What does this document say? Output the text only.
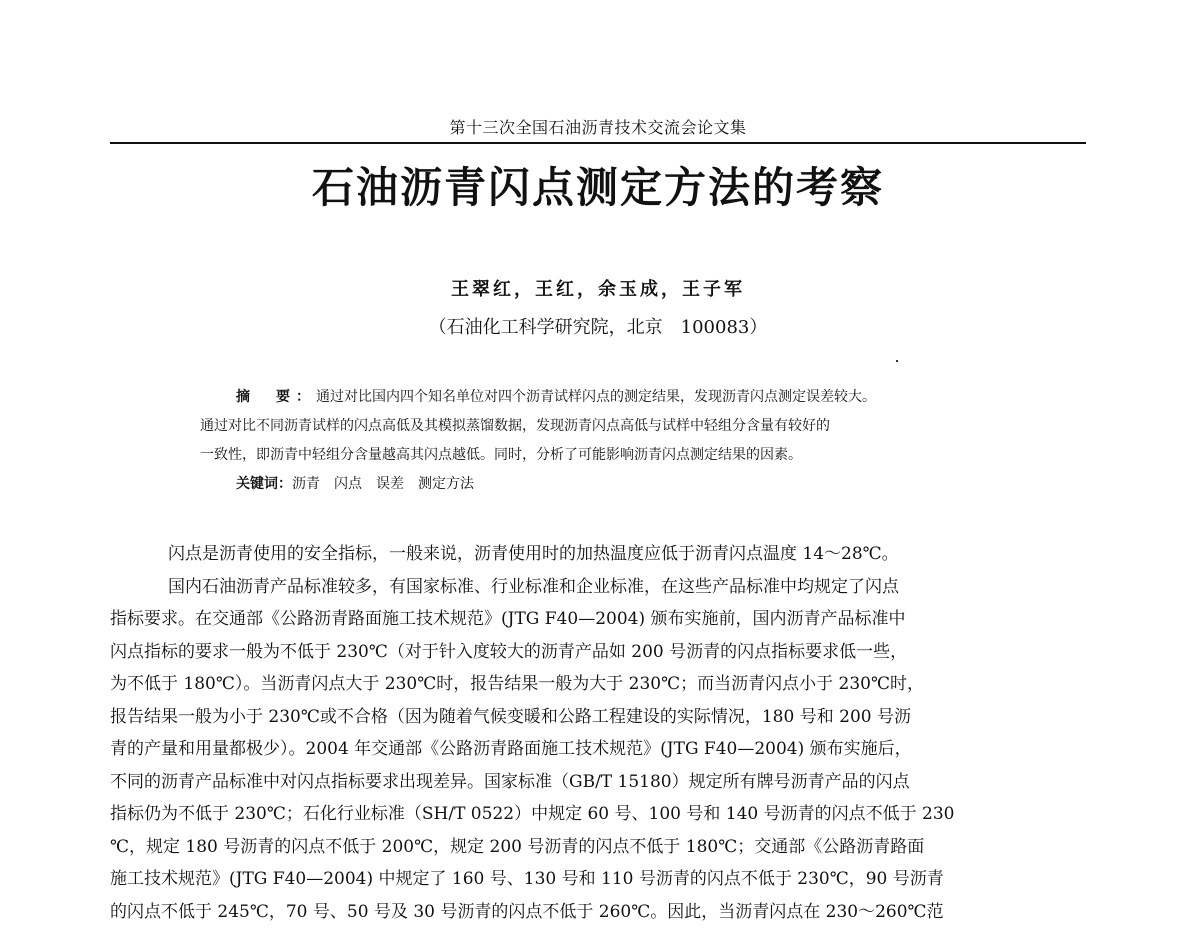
第十三次全国石油沥青技术交流会论文集
石油沥青闪点测定方法的考察
王翠红，王红，余玉成，王子军
（石油化工科学研究院，北京　100083）
摘　要：通过对比国内四个知名单位对四个沥青试样闪点的测定结果，发现沥青闪点测定误差较大。
通过对比不同沥青试样的闪点高低及其模拟蒸馏数据，发现沥青闪点高低与试样中轻组分含量有较好的
一致性，即沥青中轻组分含量越高其闪点越低。同时，分析了可能影响沥青闪点测定结果的因素。
关键词：沥青　闪点　误差　测定方法
闪点是沥青使用的安全指标，一般来说，沥青使用时的加热温度应低于沥青闪点温度 14～28℃。
国内石油沥青产品标准较多，有国家标准、行业标准和企业标准，在这些产品标准中均规定了闪点
指标要求。在交通部《公路沥青路面施工技术规范》(JTG F40—2004) 颁布实施前，国内沥青产品标准中
闪点指标的要求一般为不低于 230℃（对于针入度较大的沥青产品如 200 号沥青的闪点指标要求低一些，
为不低于 180℃）。当沥青闪点大于 230℃时，报告结果一般为大于 230℃；而当沥青闪点小于 230℃时，
报告结果一般为小于 230℃或不合格（因为随着气候变暖和公路工程建设的实际情况，180 号和 200 号沥
青的产量和用量都极少）。2004 年交通部《公路沥青路面施工技术规范》(JTG F40—2004) 颁布实施后，
不同的沥青产品标准中对闪点指标要求出现差异。国家标准（GB/T 15180）规定所有牌号沥青产品的闪点
指标仍为不低于 230℃；石化行业标准（SH/T 0522）中规定 60 号、100 号和 140 号沥青的闪点不低于 230
℃，规定 180 号沥青的闪点不低于 200℃，规定 200 号沥青的闪点不低于 180℃；交通部《公路沥青路面
施工技术规范》(JTG F40—2004) 中规定了 160 号、130 号和 110 号沥青的闪点不低于 230℃，90 号沥青
的闪点不低于 245℃，70 号、50 号及 30 号沥青的闪点不低于 260℃。因此，当沥青闪点在 230～260℃范
